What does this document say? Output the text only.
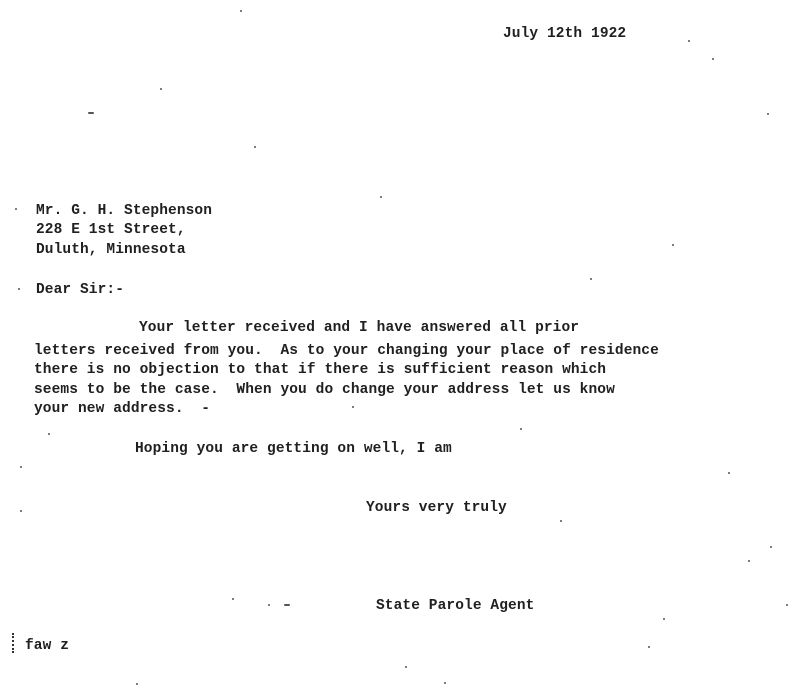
July 12th 1922
Mr. G. H. Stephenson
228 E 1st Street,
Duluth, Minnesota
Dear Sir:-
Your letter received and I have answered all prior
letters received from you.  As to your changing your place of residence
there is no objection to that if there is sufficient reason which
seems to be the case.  When you do change your address let us know
your new address.  -
Hoping you are getting on well, I am
Yours very truly
State Parole Agent
faw z
